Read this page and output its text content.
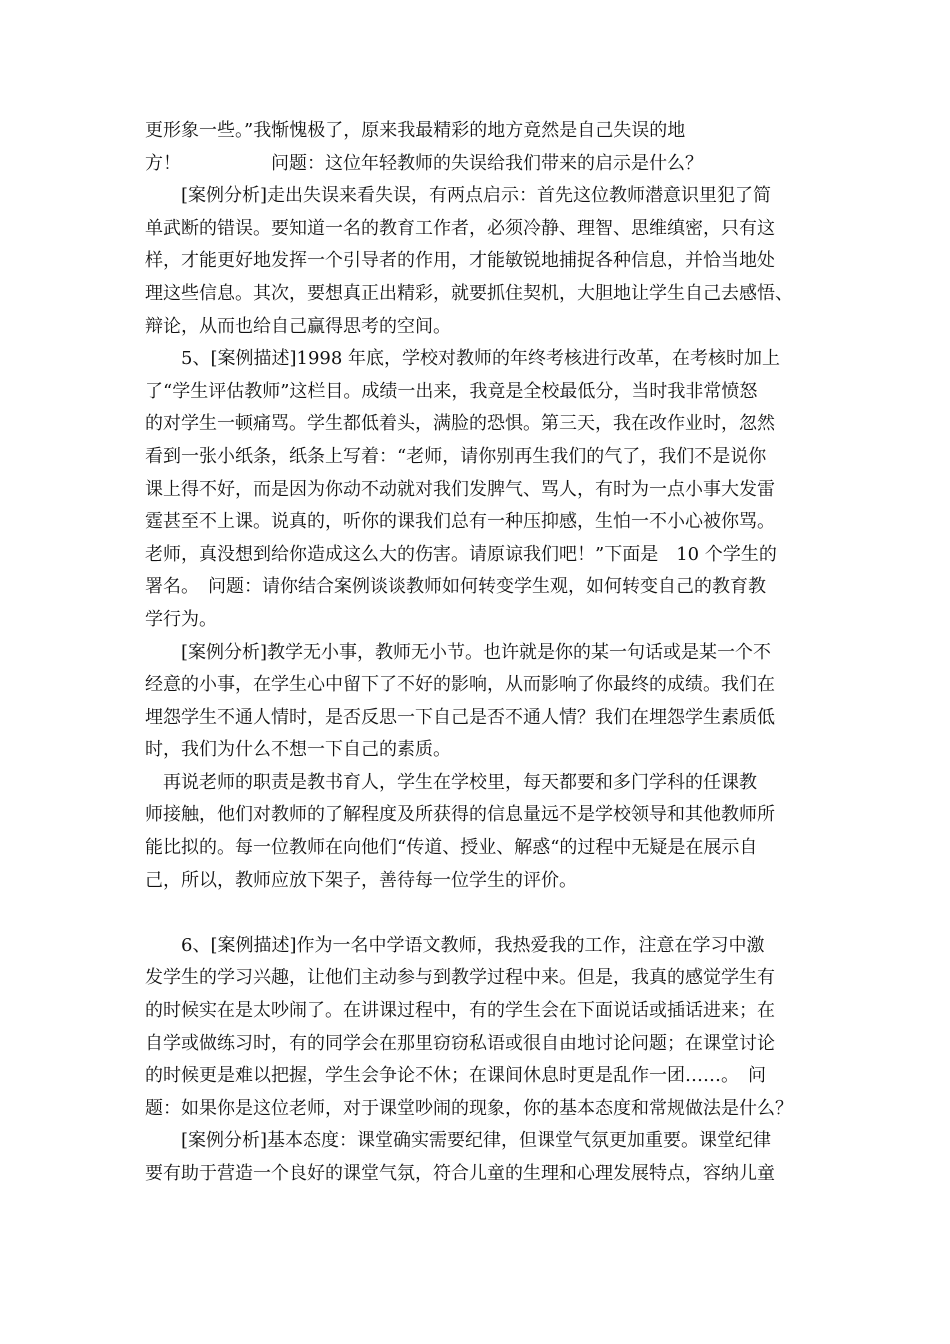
更形象一些。”我惭愧极了，原来我最精彩的地方竟然是自己失误的地
方！　　　　　问题：这位年轻教师的失误给我们带来的启示是什么？
　　[案例分析]走出失误来看失误，有两点启示：首先这位教师潜意识里犯了简
单武断的错误。要知道一名的教育工作者，必须冷静、理智、思维缜密，只有这
样，才能更好地发挥一个引导者的作用，才能敏锐地捕捉各种信息，并恰当地处
理这些信息。其次，要想真正出精彩，就要抓住契机，大胆地让学生自己去感悟、
辩论，从而也给自己赢得思考的空间。
　　5、[案例描述]1998 年底，学校对教师的年终考核进行改革，在考核时加上
了“学生评估教师”这栏目。成绩一出来，我竟是全校最低分，当时我非常愤怒
的对学生一顿痛骂。学生都低着头，满脸的恐惧。第三天，我在改作业时，忽然
看到一张小纸条，纸条上写着：“老师，请你别再生我们的气了，我们不是说你
课上得不好，而是因为你动不动就对我们发脾气、骂人，有时为一点小事大发雷
霆甚至不上课。说真的，听你的课我们总有一种压抑感，生怕一不小心被你骂。
老师，真没想到给你造成这么大的伤害。请原谅我们吧！”下面是　10 个学生的
署名。　问题：请你结合案例谈谈教师如何转变学生观，如何转变自己的教育教
学行为。
　　[案例分析]教学无小事，教师无小节。也许就是你的某一句话或是某一个不
经意的小事，在学生心中留下了不好的影响，从而影响了你最终的成绩。我们在
埋怨学生不通人情时，是否反思一下自己是否不通人情？我们在埋怨学生素质低
时，我们为什么不想一下自己的素质。
　再说老师的职责是教书育人，学生在学校里，每天都要和多门学科的任课教
师接触，他们对教师的了解程度及所获得的信息量远不是学校领导和其他教师所
能比拟的。每一位教师在向他们“传道、授业、解惑“的过程中无疑是在展示自
己，所以，教师应放下架子，善待每一位学生的评价。
　　6、[案例描述]作为一名中学语文教师，我热爱我的工作，注意在学习中激
发学生的学习兴趣，让他们主动参与到教学过程中来。但是，我真的感觉学生有
的时候实在是太吵闹了。在讲课过程中，有的学生会在下面说话或插话进来；在
自学或做练习时，有的同学会在那里窃窃私语或很自由地讨论问题；在课堂讨论
的时候更是难以把握，学生会争论不休；在课间休息时更是乱作一团……。　问
题：如果你是这位老师，对于课堂吵闹的现象，你的基本态度和常规做法是什么？
　　[案例分析]基本态度：课堂确实需要纪律，但课堂气氛更加重要。课堂纪律
要有助于营造一个良好的课堂气氛，符合儿童的生理和心理发展特点，容纳儿童
